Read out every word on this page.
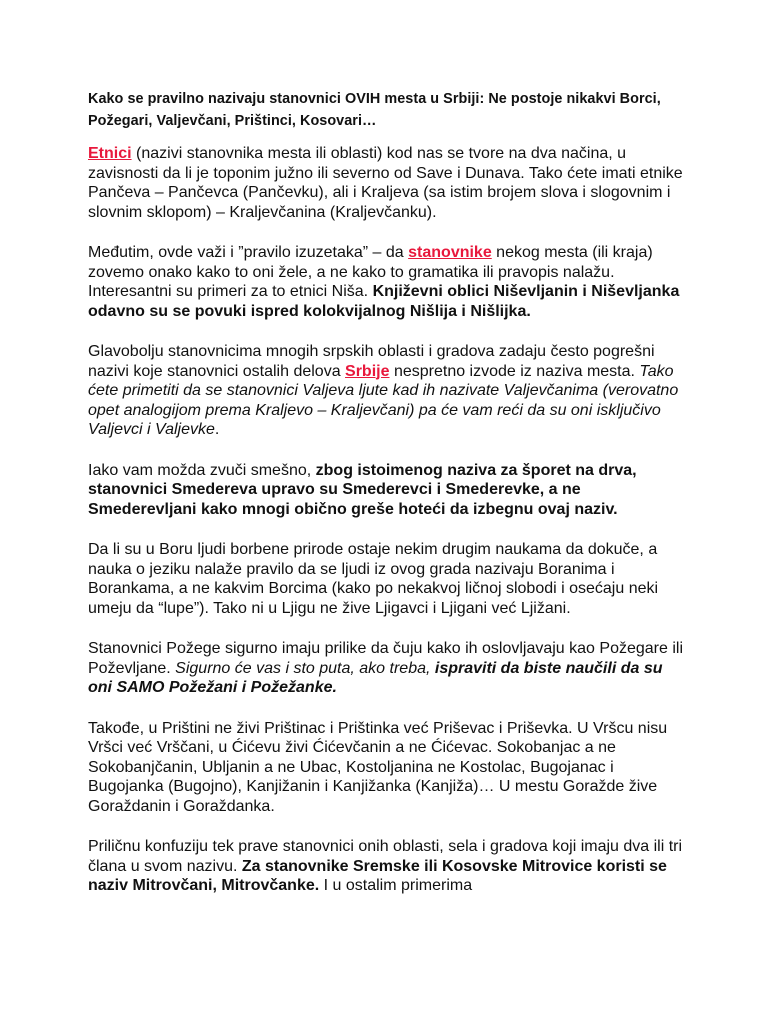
Kako se pravilno nazivaju stanovnici OVIH mesta u Srbiji: Ne postoje nikakvi Borci, Požegari, Valjevčani, Prištinci, Kosovari…

Etnici (nazivi stanovnika mesta ili oblasti) kod nas se tvore na dva načina, u zavisnosti da li je toponim južno ili severno od Save i Dunava. Tako ćete imati etnike Pančeva – Pančevca (Pančevku), ali i Kraljeva (sa istim brojem slova i slogovnim i slovnim sklopom) – Kraljevčanina (Kraljevčanku).

Međutim, ovde važi i ”pravilo izuzetaka” – da stanovnike nekog mesta (ili kraja) zovemo onako kako to oni žele, a ne kako to gramatika ili pravopis nalažu. Interesantni su primeri za to etnici Niša. Književni oblici Niševljanin i Niševljanka odavno su se povuki ispred kolokvijalnog Nišlija i Nišlijka.

Glavobolju stanovnicima mnogih srpskih oblasti i gradova zadaju često pogrešni nazivi koje stanovnici ostalih delova Srbije nespretno izvode iz naziva mesta. Tako ćete primetiti da se stanovnici Valjeva ljute kad ih nazivate Valjevčanima (verovatno opet analogijom prema Kraljevo – Kraljevčani) pa će vam reći da su oni isključivo Valjevci i Valjevke.

Iako vam možda zvuči smešno, zbog istoimenog naziva za šporet na drva, stanovnici Smedereva upravo su Smederevci i Smederevke, a ne Smederevljani kako mnogi obično greše hoteći da izbegnu ovaj naziv.

Da li su u Boru ljudi borbene prirode ostaje nekim drugim naukama da dokuče, a nauka o jeziku nalaže pravilo da se ljudi iz ovog grada nazivaju Boranima i Borankama, a ne kakvim Borcima (kako po nekakvoj ličnoj slobodi i osećaju neki umeju da “lupe”). Tako ni u Ljigu ne žive Ljigavci i Ljigani već Ljižani.

Stanovnici Požege sigurno imaju prilike da čuju kako ih oslovljavaju kao Požegare ili Poževljane. Sigurno će vas i sto puta, ako treba, ispraviti da biste naučili da su oni SAMO Požežani i Požežanke.

Takođe, u Prištini ne živi Prištinac i Prištinka već Priševac i Priševka. U Vršcu nisu Vršci već Vrščani, u Ćićevu živi Ćićevčanin a ne Ćićevac. Sokobanjac a ne Sokobanjčanin, Ubljanin a ne Ubac, Kostoljanina ne Kostolac, Bugojanac i Bugojanka (Bugojno), Kanjižanin i Kanjižanka (Kanjiža)… U mestu Goražde žive Goraždanin i Goraždanka.

Priličnu konfuziju tek prave stanovnici onih oblasti, sela i gradova koji imaju dva ili tri člana u svom nazivu. Za stanovnike Sremske ili Kosovske Mitrovice koristi se naziv Mitrovčani, Mitrovčanke. I u ostalim primerima
